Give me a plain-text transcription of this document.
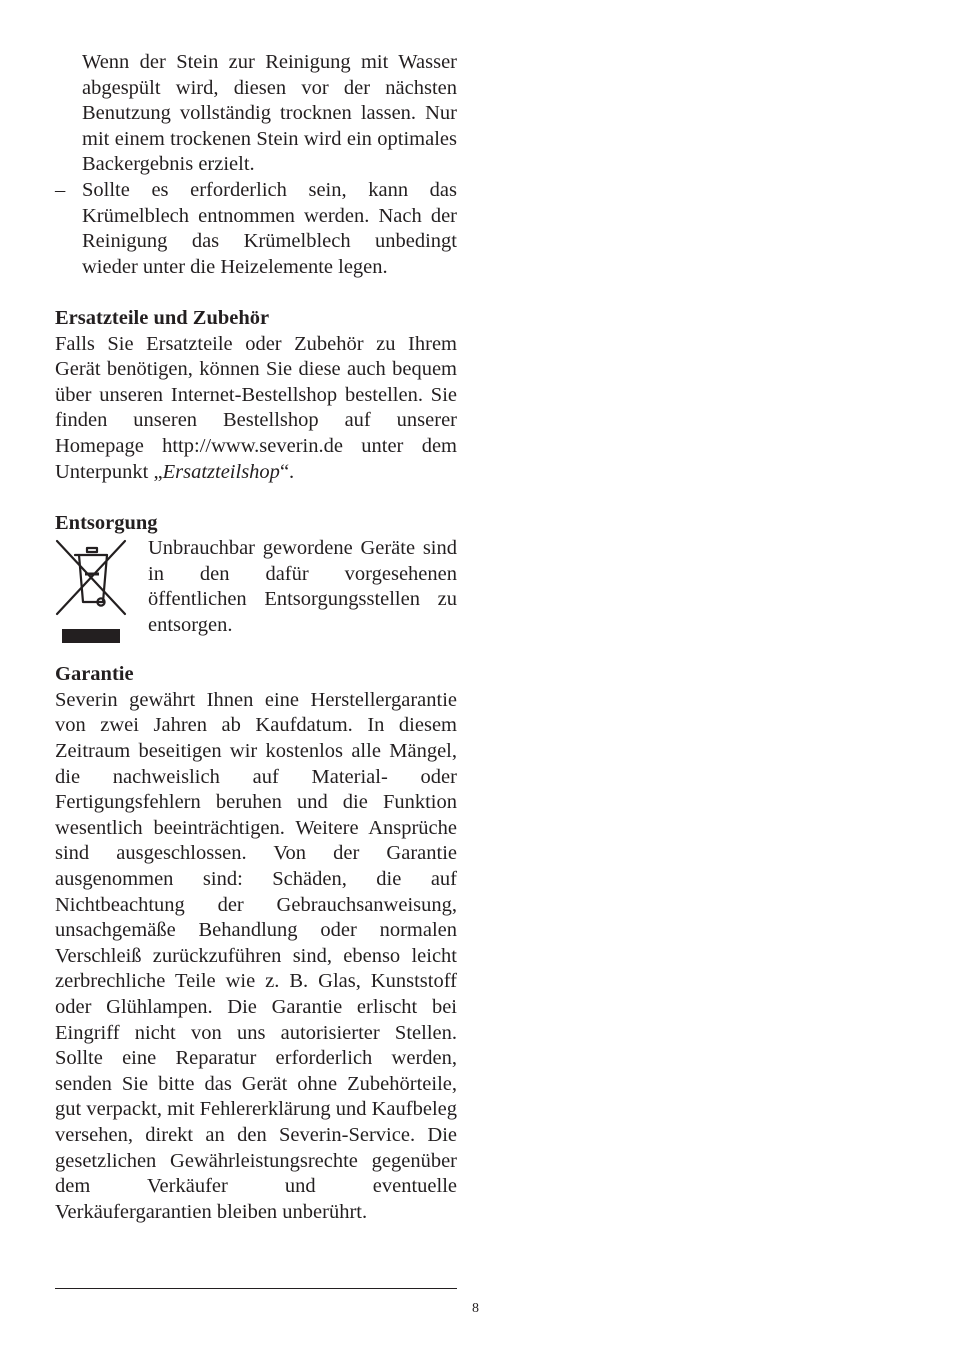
Wenn der Stein zur Reinigung mit Wasser abgespült wird, diesen vor der nächsten Benutzung vollständig trocknen lassen. Nur mit einem trockenen Stein wird ein optimales Backergebnis erzielt.

– Sollte es erforderlich sein, kann das Krümelblech entnommen werden. Nach der Reinigung das Krümelblech unbedingt wieder unter die Heizelemente legen.
Ersatzteile und Zubehör

Falls Sie Ersatzteile oder Zubehör zu Ihrem Gerät benötigen, können Sie diese auch bequem über unseren Internet-Bestellshop bestellen. Sie finden unseren Bestellshop auf unserer Homepage http://www.severin.de unter dem Unterpunkt „Ersatzteilshop“.

Entsorgung

Unbrauchbar gewordene Geräte sind in den dafür vorgesehenen öffentlichen Entsorgungsstellen zu entsorgen.

Garantie

Severin gewährt Ihnen eine Herstellergarantie von zwei Jahren ab Kaufdatum. In diesem Zeitraum beseitigen wir kostenlos alle Mängel, die nachweislich auf Material- oder Fertigungsfehlern beruhen und die Funktion wesentlich beeinträchtigen. Weitere Ansprüche sind ausgeschlossen. Von der Garantie ausgenommen sind: Schäden, die auf Nichtbeachtung der Gebrauchsanweisung, unsachgemäße Behandlung oder normalen Verschleiß zurückzuführen sind, ebenso leicht zerbrechliche Teile wie z. B. Glas, Kunststoff oder Glühlampen. Die Garantie erlischt bei Eingriff nicht von uns autorisierter Stellen. Sollte eine Reparatur erforderlich werden, senden Sie bitte das Gerät ohne Zubehörteile, gut verpackt, mit Fehlererklärung und Kaufbeleg versehen, direkt an den Severin-Service. Die gesetzlichen Gewährleistungsrechte gegenüber dem Verkäufer und eventuelle Verkäufergarantien bleiben unberührt.

8
